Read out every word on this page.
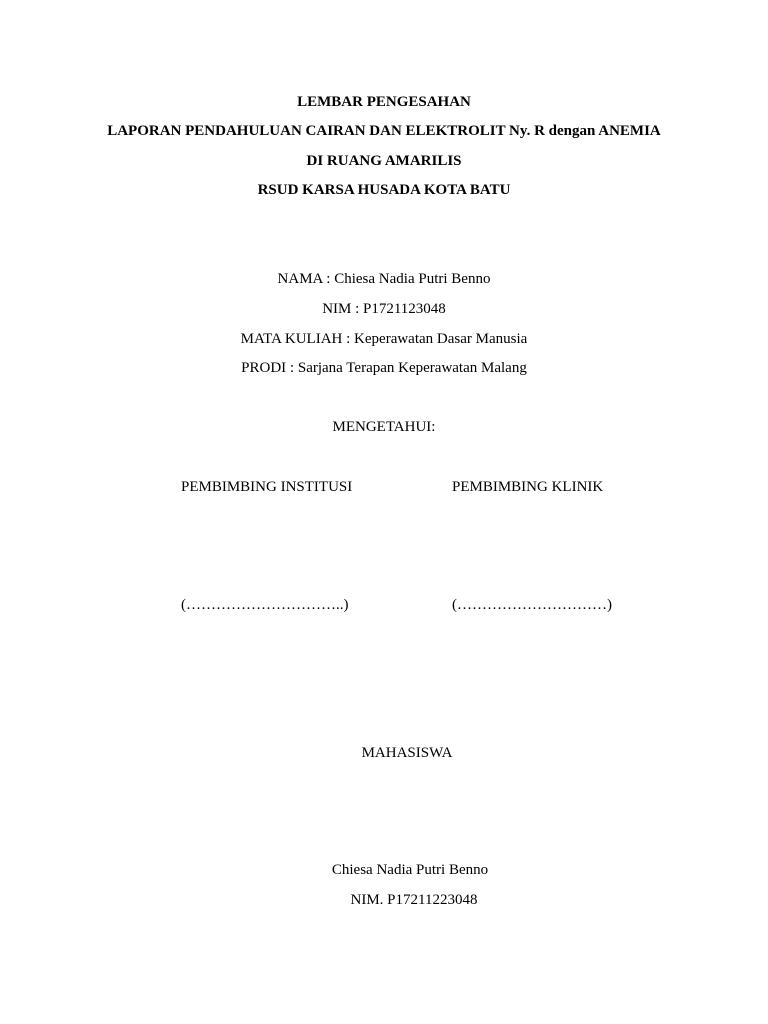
LEMBAR PENGESAHAN
LAPORAN PENDAHULUAN CAIRAN DAN ELEKTROLIT Ny. R dengan ANEMIA
DI RUANG AMARILIS
RSUD KARSA HUSADA KOTA BATU
NAMA : Chiesa Nadia Putri Benno
NIM : P1721123048
MATA KULIAH : Keperawatan Dasar Manusia
PRODI : Sarjana Terapan Keperawatan Malang
MENGETAHUI:
PEMBIMBING INSTITUSI	PEMBIMBING KLINIK
(…………………………..)	(…………………………)
MAHASISWA
Chiesa Nadia Putri Benno
NIM. P17211223048
